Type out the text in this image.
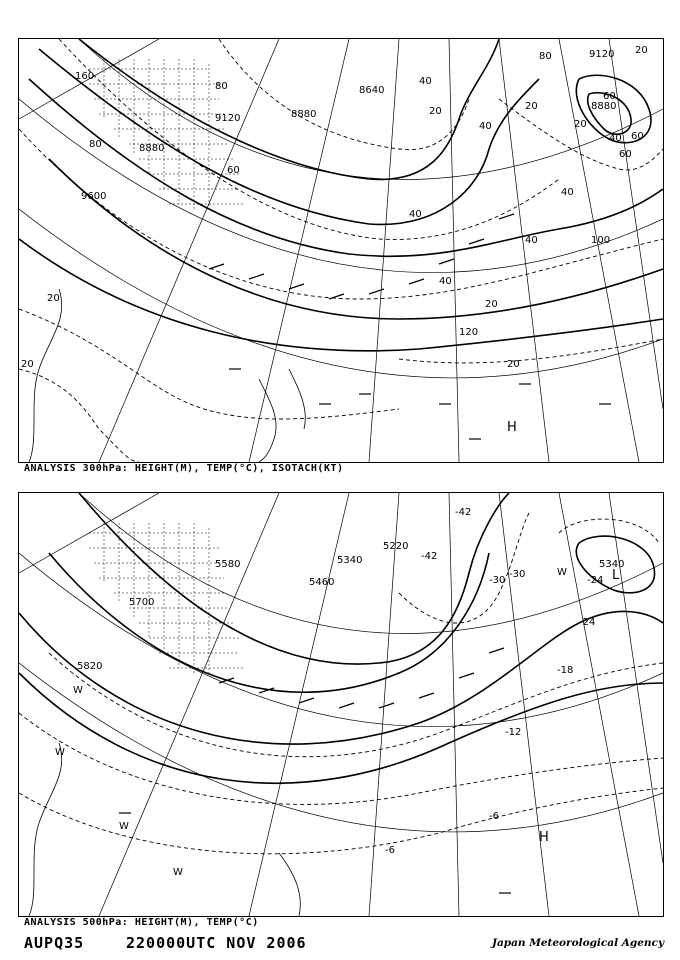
9120	8880
8640
9120
8880
9600
8880
160
80
20
20
80
60
40
20
40
40
40
60
40
20
100
40
20
80
20
20
60
120
40
60
20
H
ANALYSIS 300hPa: HEIGHT(M), TEMP(°C), ISOTACH(KT)
5700
5580
5460
5340
5220
5340
5820
-42
-42
-30
-24
-24
-18
-12
-6
-6
-30	L
H
W
W
W
W
W
ANALYSIS 500hPa: HEIGHT(M), TEMP(°C)
AUPQ35	220000UTC NOV 2006	Japan Meteorological Agency
